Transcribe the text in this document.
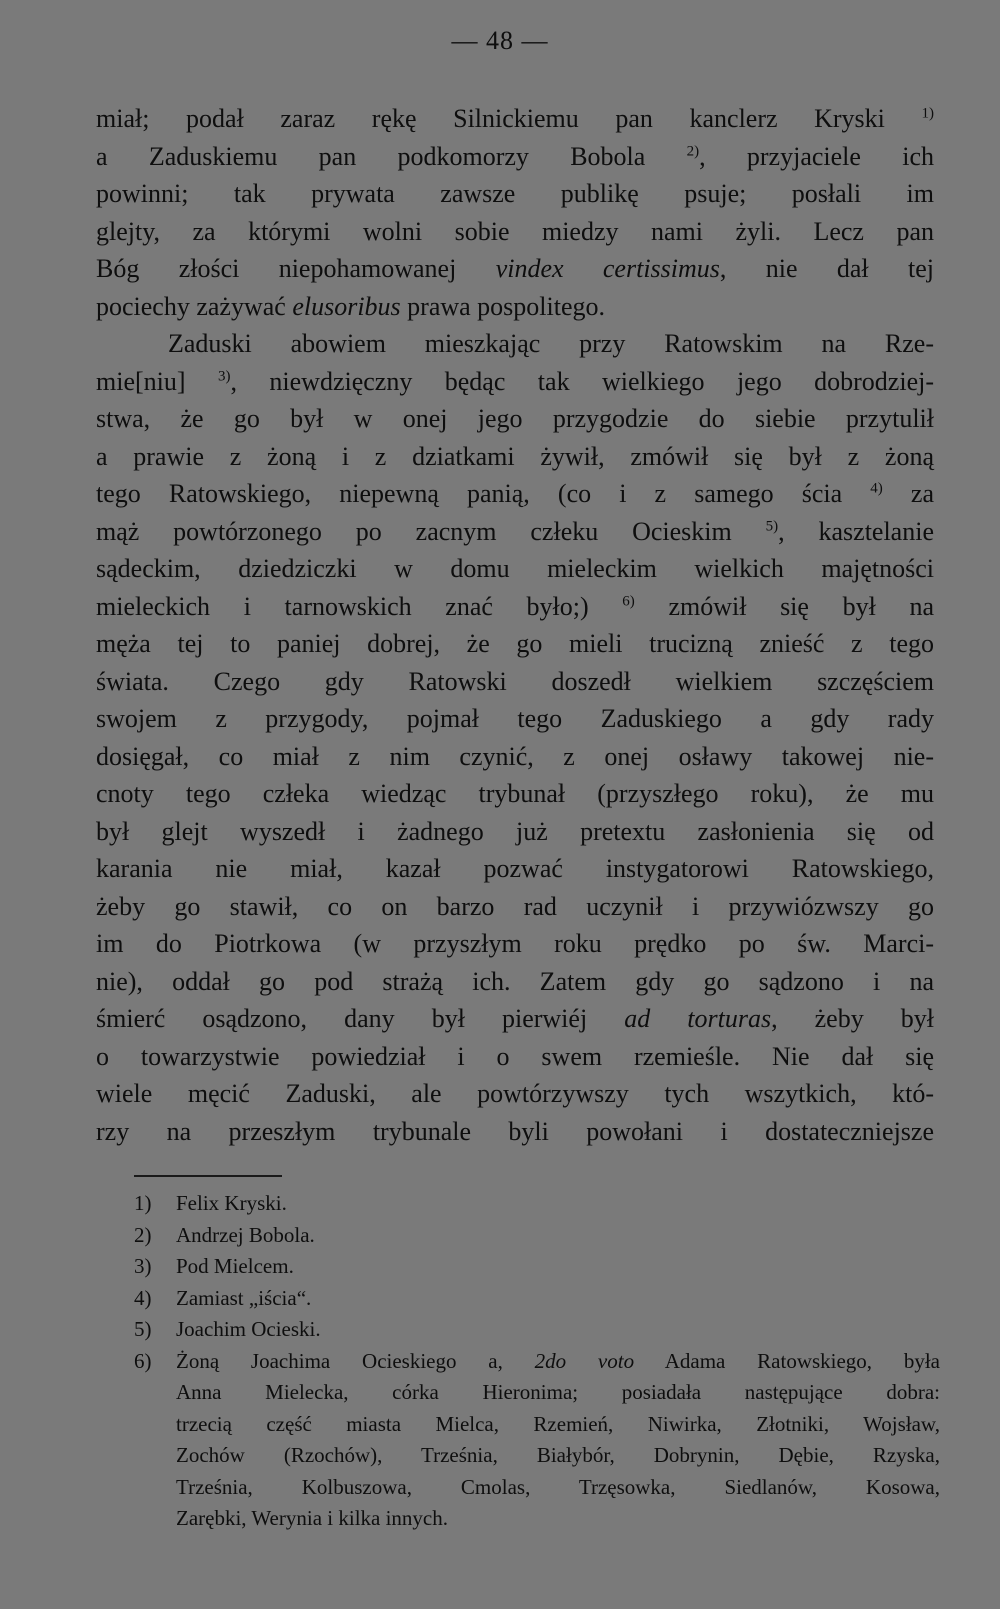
— 48 —
miał; podał zaraz rękę Silnickiemu pan kanclerz Kryski $^{1)}$
a Zaduskiemu pan podkomorzy Bobola $^{2)}$, przyjaciele ich
powinni; tak prywata zawsze publikę psuje; posłali im
glejty, za którymi wolni sobie miedzy nami żyli. Lecz pan
Bóg złości niepohamowanej vindex certissimus, nie dał tej
pociechy zażywać elusoribus prawa pospolitego.
Zaduski abowiem mieszkając przy Ratowskim na Rze-
mie[niu] $^{3)}$, niewdzięczny będąc tak wielkiego jego dobrodziej-
stwa, że go był w onej jego przygodzie do siebie przytulił
a prawie z żoną i z dziatkami żywił, zmówił się był z żoną
tego Ratowskiego, niepewną panią, (co i z samego ścia $^{4)}$ za
mąż powtórzonego po zacnym człeku Ocieskim $^{5)}$, kasztelanie
sądeckim, dziedziczki w domu mieleckim wielkich majętności
mieleckich i tarnowskich znać było;) $^{6)}$ zmówił się był na
męża tej to paniej dobrej, że go mieli trucizną znieść z tego
świata. Czego gdy Ratowski doszedł wielkiem szczęściem
swojem z przygody, pojmał tego Zaduskiego a gdy rady
dosięgał, co miał z nim czynić, z onej osławy takowej nie-
cnoty tego człeka wiedząc trybunał (przyszłego roku), że mu
był glejt wyszedł i żadnego już pretextu zasłonienia się od
karania nie miał, kazał pozwać instygatorowi Ratowskiego,
żeby go stawił, co on barzo rad uczynił i przywiózwszy go
im do Piotrkowa (w przyszłym roku prędko po św. Marci-
nie), oddał go pod strażą ich. Zatem gdy go sądzono i na
śmierć osądzono, dany był pierwiéj ad torturas, żeby był
o towarzystwie powiedział i o swem rzemieśle. Nie dał się
wiele męcić Zaduski, ale powtórzywszy tych wszytkich, któ-
rzy na przeszłym trybunale byli powołani i dostateczniejsze
1) Felix Kryski.
2) Andrzej Bobola.
3) Pod Mielcem.
4) Zamiast „iścia“.
5) Joachim Ocieski.
6) Żoną Joachima Ocieskiego a, 2do voto Adama Ratowskiego, była
Anna Mielecka, córka Hieronima; posiadała następujące dobra:
trzecią część miasta Mielca, Rzemień, Niwirka, Złotniki, Wojsław,
Zochów (Rzochów), Trześnia, Białybór, Dobrynin, Dębie, Rzyska,
Trześnia, Kolbuszowa, Cmolas, Trzęsowka, Siedlanów, Kosowa,
Zarębki, Werynia i kilka innych.
